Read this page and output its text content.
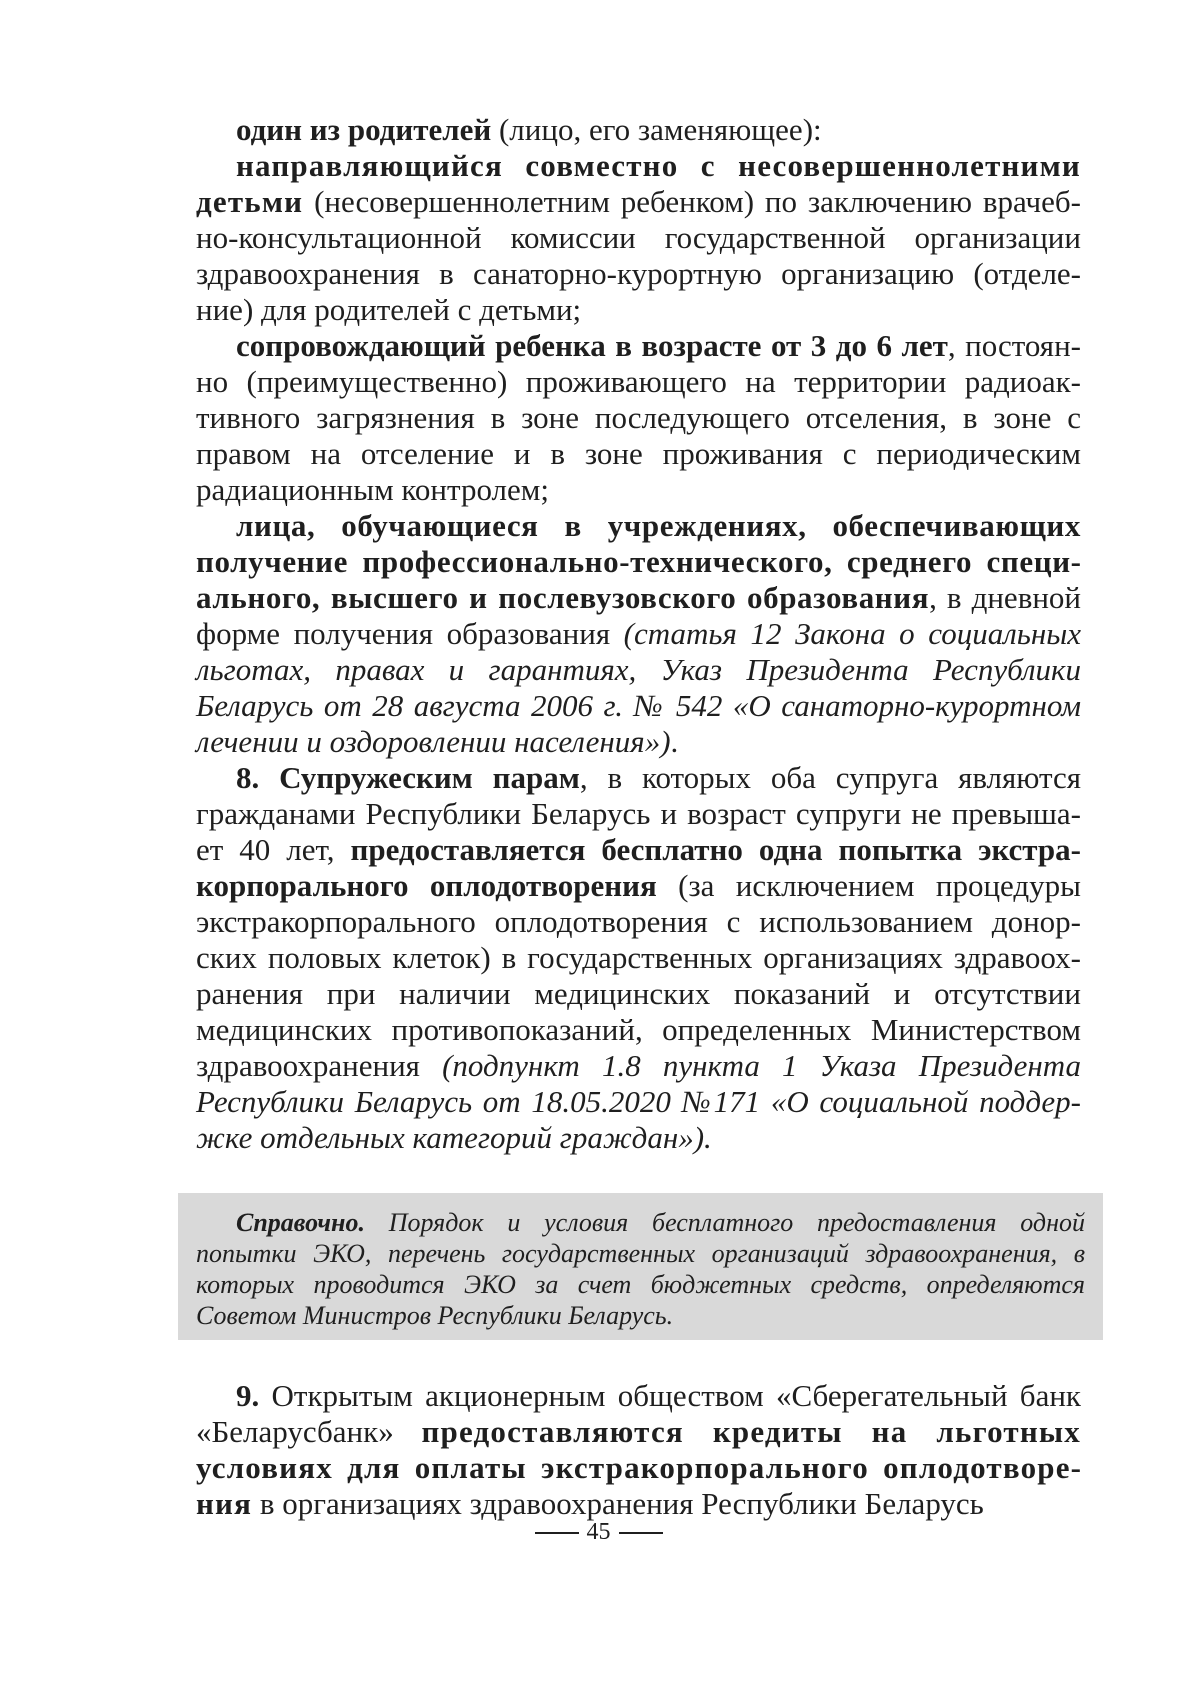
один из родителей (лицо, его заменяющее):

направляющийся совместно с несовершеннолетними детьми (несовершеннолетним ребенком) по заключению врачебно-консультационной комиссии государственной организации здравоохранения в санаторно-курортную организацию (отделение) для родителей с детьми;

сопровождающий ребенка в возрасте от 3 до 6 лет, постоянно (преимущественно) проживающего на территории радиоактивного загрязнения в зоне последующего отселения, в зоне с правом на отселение и в зоне проживания с периодическим радиационным контролем;

лица, обучающиеся в учреждениях, обеспечивающих получение профессионально-технического, среднего специального, высшего и послевузовского образования, в дневной форме получения образования (статья 12 Закона о социальных льготах, правах и гарантиях, Указ Президента Республики Беларусь от 28 августа 2006 г. № 542 «О санаторно-курортном лечении и оздоровлении населения»).

8. Супружеским парам, в которых оба супруга являются гражданами Республики Беларусь и возраст супруги не превышает 40 лет, предоставляется бесплатно одна попытка экстракорпорального оплодотворения (за исключением процедуры экстракорпорального оплодотворения с использованием донорских половых клеток) в государственных организациях здравоохранения при наличии медицинских показаний и отсутствии медицинских противопоказаний, определенных Министерством здравоохранения (подпункт 1.8 пункта 1 Указа Президента Республики Беларусь от 18.05.2020 №171 «О социальной поддержке отдельных категорий граждан»).

Справочно. Порядок и условия бесплатного предоставления одной попытки ЭКО, перечень государственных организаций здравоохранения, в которых проводится ЭКО за счет бюджетных средств, определяются Советом Министров Республики Беларусь.

9. Открытым акционерным обществом «Сберегательный банк «Беларусбанк» предоставляются кредиты на льготных условиях для оплаты экстракорпорального оплодотворения в организациях здравоохранения Республики Беларусь

45
